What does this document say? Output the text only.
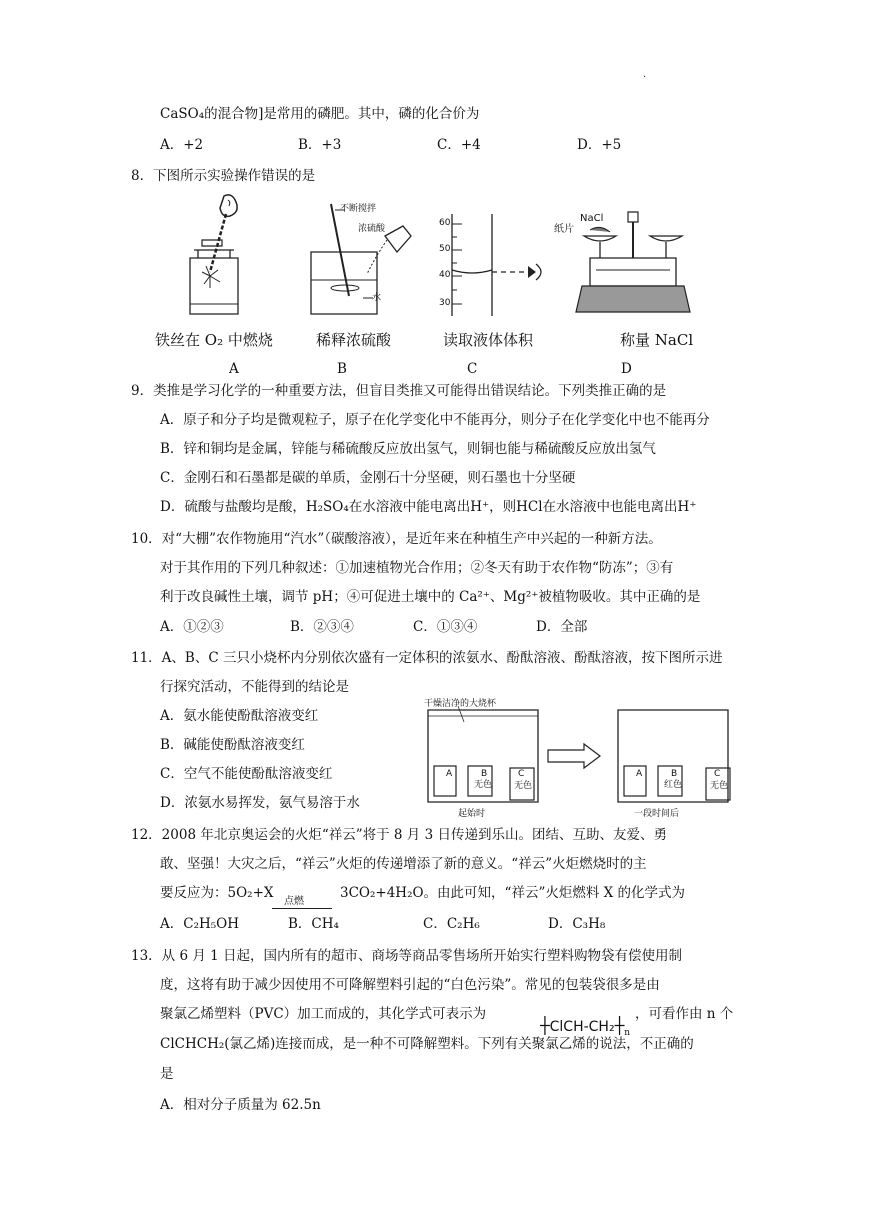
.
CaSO₄的混合物]是常用的磷肥。其中，磷的化合价为
A．+2	B．+3	C．+4	D．+5
8．下图所示实验操作错误的是
铁丝在 O₂ 中燃烧
A
不断搅拌
浓硫酸
水
稀释浓硫酸
B
60
50
40
30
读取液体体积
C
纸片
NaCl
称量 NaCl
D
9．类推是学习化学的一种重要方法，但盲目类推又可能得出错误结论。下列类推正确的是
A．原子和分子均是微观粒子，原子在化学变化中不能再分，则分子在化学变化中也不能再分
B．锌和铜均是金属，锌能与稀硫酸反应放出氢气，则铜也能与稀硫酸反应放出氢气
C．金刚石和石墨都是碳的单质，金刚石十分坚硬，则石墨也十分坚硬
D．硫酸与盐酸均是酸，H₂SO₄在水溶液中能电离出H⁺，则HCl在水溶液中也能电离出H⁺
10．对“大棚”农作物施用“汽水”（碳酸溶液），是近年来在种植生产中兴起的一种新方法。
对于其作用的下列几种叙述：①加速植物光合作用；②冬天有助于农作物“防冻”；③有
利于改良碱性土壤，调节 pH；④可促进土壤中的 Ca²⁺、Mg²⁺被植物吸收。其中正确的是
A．①②③	B．②③④	C．①③④	D．全部
11．A、B、C 三只小烧杯内分别依次盛有一定体积的浓氨水、酚酞溶液、酚酞溶液，按下图所示进
行探究活动，不能得到的结论是
A．氨水能使酚酞溶液变红
B．碱能使酚酞溶液变红
C．空气不能使酚酞溶液变红
D．浓氨水易挥发，氨气易溶于水
干燥洁净的大烧杯
A	B
无色
C
无色
起始时
A	B
红色
C
无色
一段时间后
12．2008 年北京奥运会的火炬“祥云”将于 8 月 3 日传递到乐山。团结、互助、友爱、勇
敢、坚强！大灾之后，“祥云”火炬的传递增添了新的意义。“祥云”火炬燃烧时的主
要反应为：5O₂+X
点燃
3CO₂+4H₂O。由此可知，“祥云”火炬燃料 X 的化学式为
A．C₂H₅OH	B．CH₄	C．C₂H₆	D．C₃H₈
13．从 6 月 1 日起，国内所有的超市、商场等商品零售场所开始实行塑料购物袋有偿使用制
度，这将有助于减少因使用不可降解塑料引起的“白色污染”。常见的包装袋很多是由
聚氯乙烯塑料（PVC）加工而成的，其化学式可表示为
$┼ClCH-CH_2┼_n$
，可看作由 n 个
ClCHCH₂(氯乙烯)连接而成，是一种不可降解塑料。下列有关聚氯乙烯的说法，不正确的
是
A．相对分子质量为 62.5n
